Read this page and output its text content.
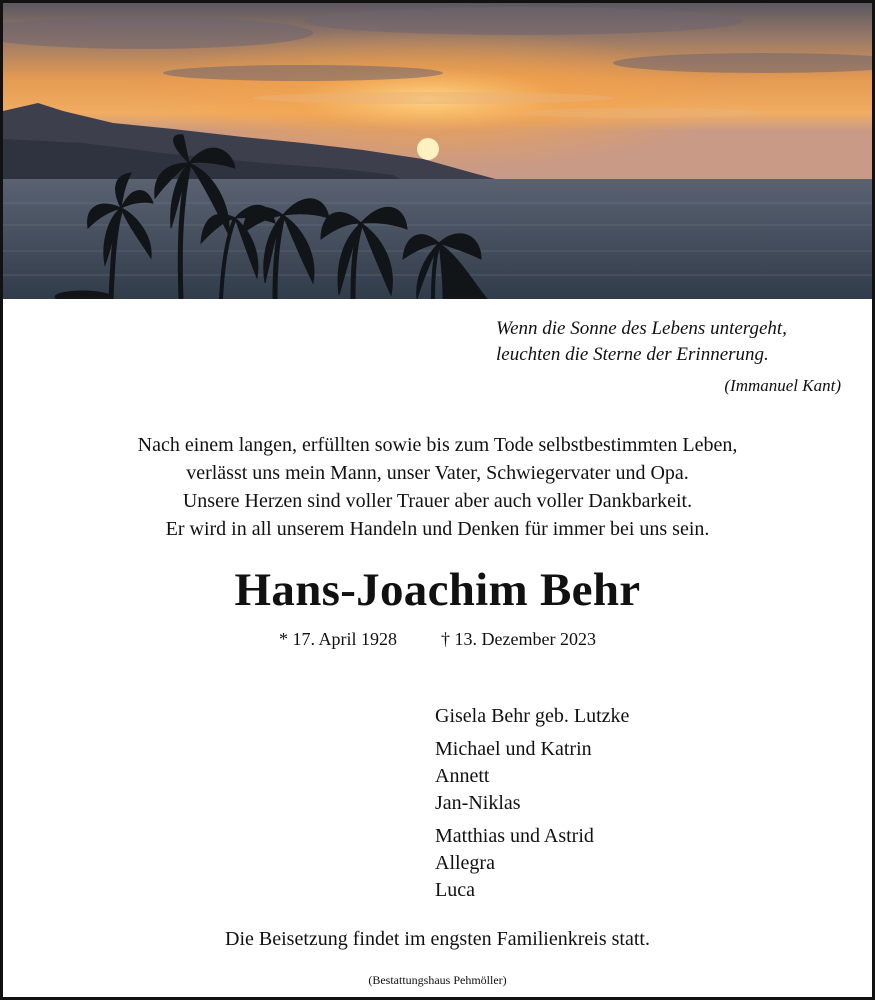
Wenn die Sonne des Lebens untergeht,
leuchten die Sterne der Erinnerung.
(Immanuel Kant)
Nach einem langen, erfüllten sowie bis zum Tode selbstbestimmten Leben,
verlässt uns mein Mann, unser Vater, Schwiegervater und Opa.
Unsere Herzen sind voller Trauer aber auch voller Dankbarkeit.
Er wird in all unserem Handeln und Denken für immer bei uns sein.
Hans-Joachim Behr
* 17. April 1928 † 13. Dezember 2023
Gisela Behr geb. Lutzke
Michael und Katrin
Annett
Jan-Niklas
Matthias und Astrid
Allegra
Luca
Die Beisetzung findet im engsten Familienkreis statt.
(Bestattungshaus Pehmöller)
